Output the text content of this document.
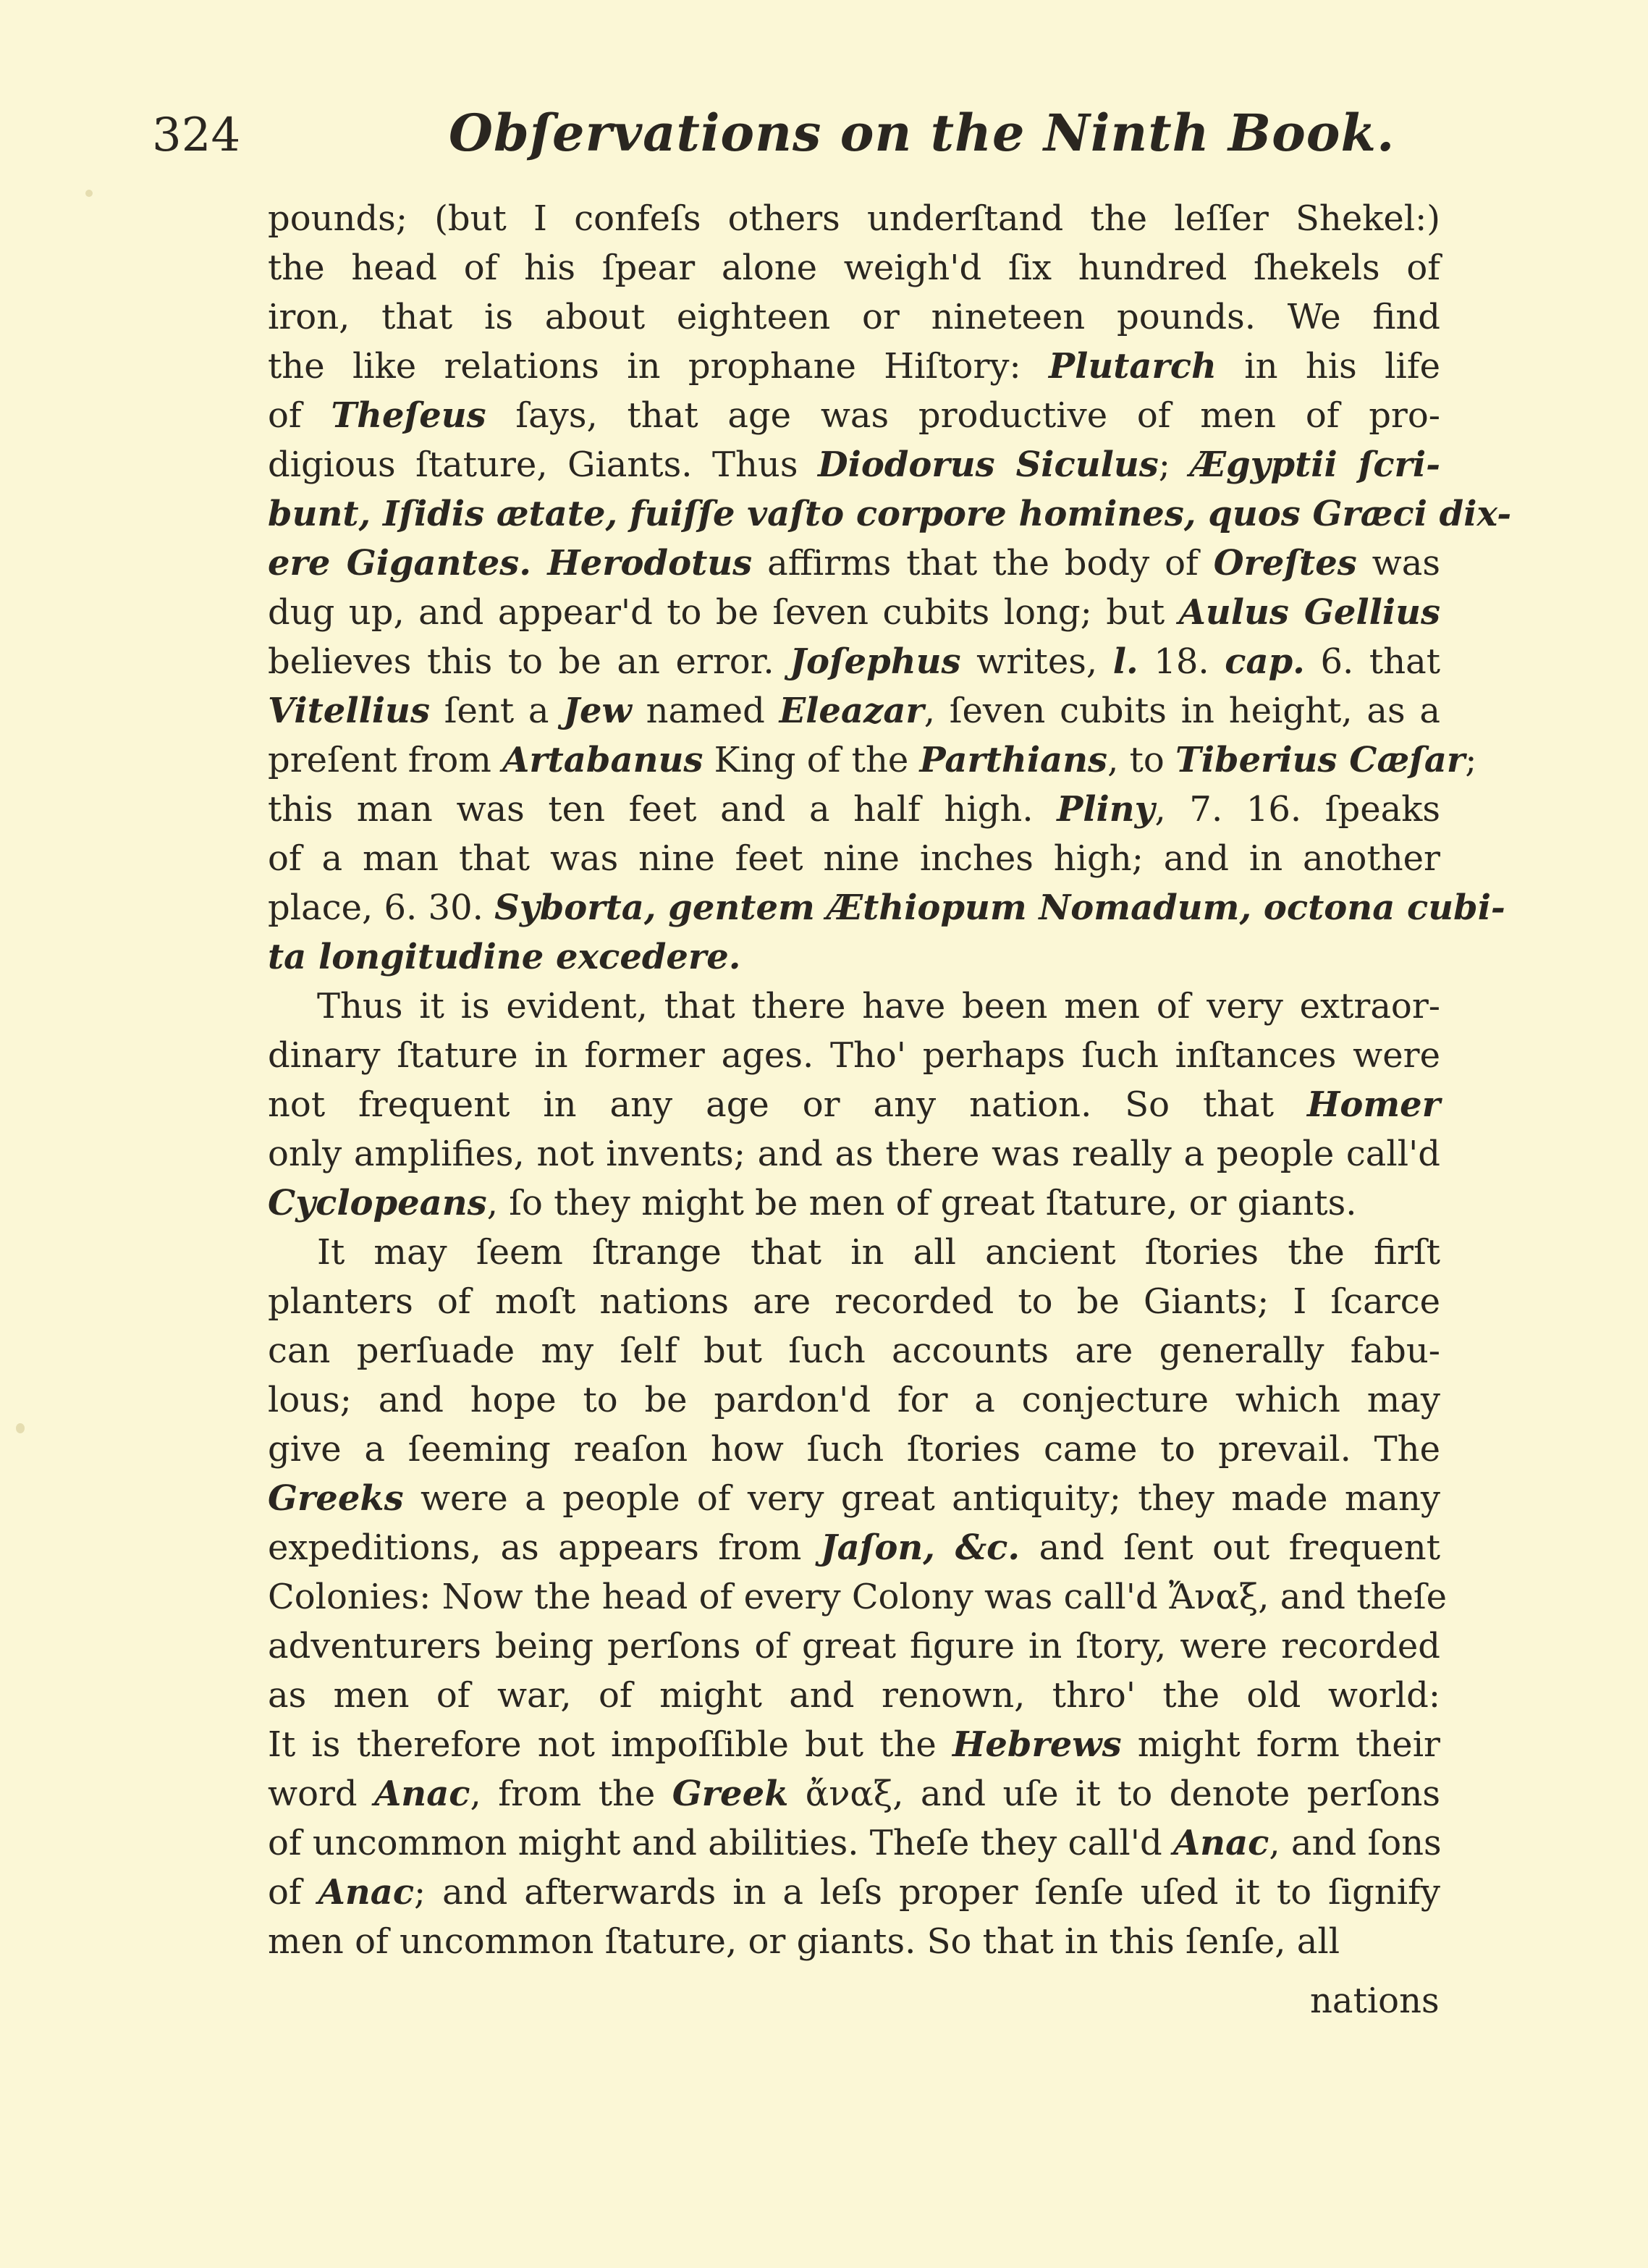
324	Obſervations on the Ninth Book.
pounds; (but I confeſs others underſtand the leſſer Shekel:)
the head of his ſpear alone weigh'd ſix hundred ſhekels of
iron, that is about eighteen or nineteen pounds. We find
the like relations in prophane Hiſtory: Plutarch in his life
of Theſeus ſays, that age was productive of men of pro-
digious ſtature, Giants. Thus Diodorus Siculus; Ægyptii ſcri-
bunt, Iſidis ætate, fuiſſe vaſto corpore homines, quos Græci dix-
ere Gigantes. Herodotus affirms that the body of Oreſtes was
dug up, and appear'd to be ſeven cubits long; but Aulus Gellius
believes this to be an error. Joſephus writes, l. 18. cap. 6. that
Vitellius ſent a Jew named Eleazar, ſeven cubits in height, as a
preſent from Artabanus King of the Parthians, to Tiberius Cæſar;
this man was ten feet and a half high. Pliny, 7. 16. ſpeaks
of a man that was nine feet nine inches high; and in another
place, 6. 30. Syborta, gentem Æthiopum Nomadum, octona cubi-
ta longitudine excedere.
Thus it is evident, that there have been men of very extraor-
dinary ſtature in former ages. Tho' perhaps ſuch inſtances were
not frequent in any age or any nation. So that Homer
only amplifies, not invents; and as there was really a people call'd
Cyclopeans, ſo they might be men of great ſtature, or giants.
It may ſeem ſtrange that in all ancient ſtories the firſt
planters of moſt nations are recorded to be Giants; I ſcarce
can perſuade my ſelf but ſuch accounts are generally fabu-
lous; and hope to be pardon'd for a conjecture which may
give a ſeeming reaſon how ſuch ſtories came to prevail. The
Greeks were a people of very great antiquity; they made many
expeditions, as appears from Jaſon, &c. and ſent out frequent
Colonies: Now the head of every Colony was call'd Ἄναξ, and theſe
adventurers being perſons of great figure in ſtory, were recorded
as men of war, of might and renown, thro' the old world:
It is therefore not impoſſible but the Hebrews might form their
word Anac, from the Greek ἄναξ, and uſe it to denote perſons
of uncommon might and abilities. Theſe they call'd Anac, and ſons
of Anac; and afterwards in a leſs proper ſenſe uſed it to ſignify
men of uncommon ſtature, or giants. So that in this ſenſe, all
nations
